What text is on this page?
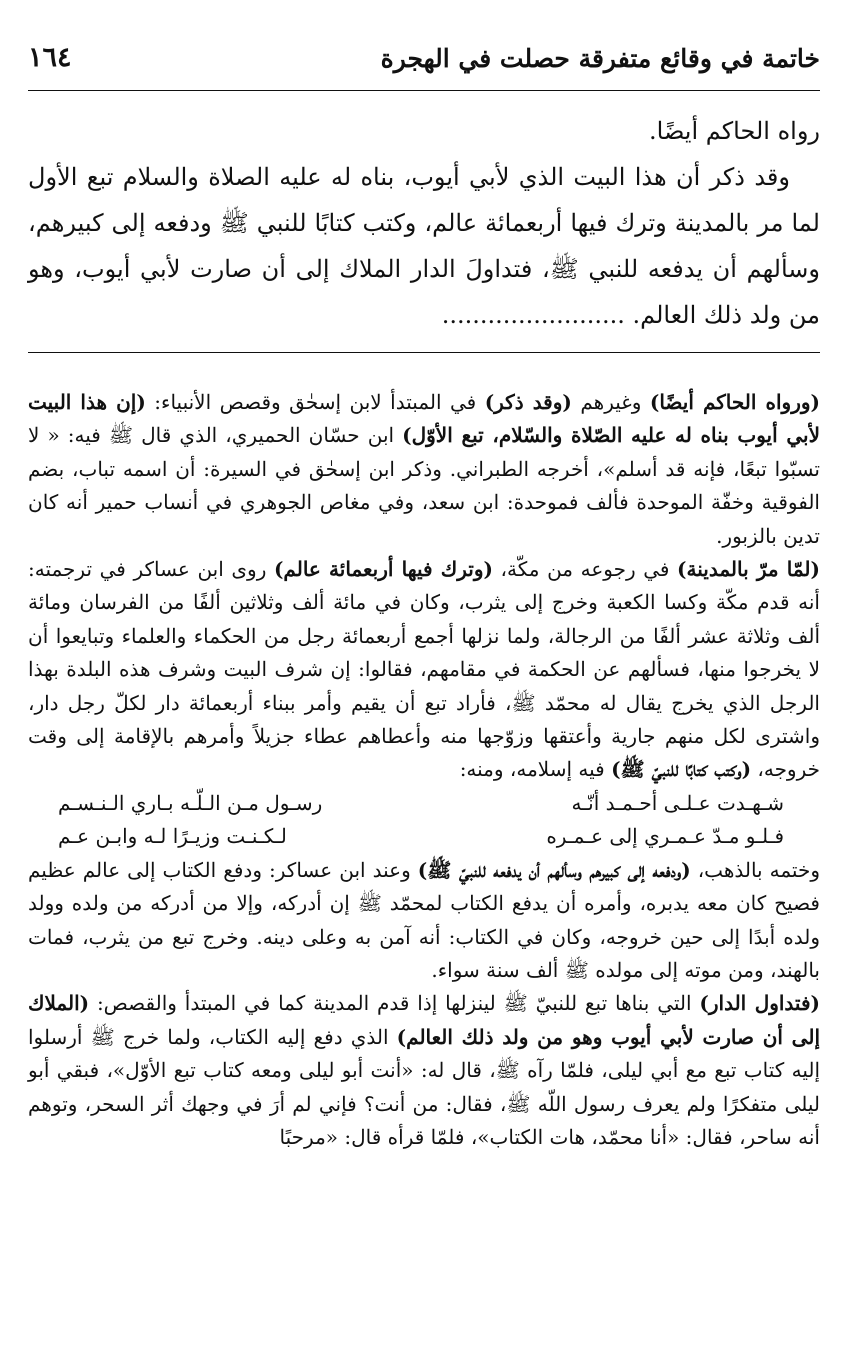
خاتمة في وقائع متفرقة حصلت في الهجرة
١٦٤

رواه الحاكم أيضًا.

وقد ذكر أن هذا البيت الذي لأبي أيوب، بناه له عليه الصلاة والسلام تبع الأول لما مر بالمدينة وترك فيها أربعمائة عالم، وكتب كتابًا للنبي ﷺ ودفعه إلى كبيرهم، وسألهم أن يدفعه للنبي ﷺ، فتداولَ الدار الملاك إلى أن صارت لأبي أيوب، وهو من ولد ذلك العالم. ........................

(ورواه الحاكم أيضًا) وغيرهم (وقد ذكر) في المبتدأ لابن إسحٰق وقصص الأنبياء: (إن هذا البيت لأبي أيوب بناه له عليه الصّلاة والسّلام، تبع الأوّل) ابن حسّان الحميري، الذي قال ﷺ فيه: « لا تسبّوا تبعًا، فإنه قد أسلم»، أخرجه الطبراني. وذكر ابن إسحٰق في السيرة: أن اسمه تباب، بضم الفوقية وخفّة الموحدة فألف فموحدة: ابن سعد، وفي مغاص الجوهري في أنساب حمير أنه كان تدين بالزبور.

(لمّا مرّ بالمدينة) في رجوعه من مكّة، (وترك فيها أربعمائة عالم) روى ابن عساكر في ترجمته: أنه قدم مكّة وكسا الكعبة وخرج إلى يثرب، وكان في مائة ألف وثلاثين ألفًا من الفرسان ومائة ألف وثلاثة عشر ألفًا من الرجالة، ولما نزلها أجمع أربعمائة رجل من الحكماء والعلماء وتبايعوا أن لا يخرجوا منها، فسألهم عن الحكمة في مقامهم، فقالوا: إن شرف البيت وشرف هذه البلدة بهذا الرجل الذي يخرج يقال له محمّد ﷺ، فأراد تبع أن يقيم وأمر ببناء أربعمائة دار لكلّ رجل دار، واشترى لكل منهم جارية وأعتقها وزوّجها منه وأعطاهم عطاء جزيلاً وأمرهم بالإقامة إلى وقت خروجه، (وكتب كتابًا للنبيّ ﷺ) فيه إسلامه، ومنه:

شـهـدت عـلـى أحـمـد أنّـه
رسـول مـن الـلّـه بـاري الـنـسـم
فـلـو مـدّ عـمـري إلى عـمـره
لـكـنـت وزيـرًا لـه وابـن عـم

وختمه بالذهب، (ودفعه إلى كبيرهم وسألهم أن يدفعه للنبيّ ﷺ) وعند ابن عساكر: ودفع الكتاب إلى عالم عظيم فصيح كان معه يدبره، وأمره أن يدفع الكتاب لمحمّد ﷺ إن أدركه، وإلا من أدركه من ولده وولد ولده أبدًا إلى حين خروجه، وكان في الكتاب: أنه آمن به وعلى دينه. وخرج تبع من يثرب، فمات بالهند، ومن موته إلى مولده ﷺ ألف سنة سواء.

(فتداول الدار) التي بناها تبع للنبيّ ﷺ لينزلها إذا قدم المدينة كما في المبتدأ والقصص: (الملاك إلى أن صارت لأبي أيوب وهو من ولد ذلك العالم) الذي دفع إليه الكتاب، ولما خرج ﷺ أرسلوا إليه كتاب تبع مع أبي ليلى، فلمّا رآه ﷺ، قال له: «أنت أبو ليلى ومعه كتاب تبع الأوّل»، فبقي أبو ليلى متفكرًا ولم يعرف رسول اللّه ﷺ، فقال: من أنت؟ فإني لم أرَ في وجهك أثر السحر، وتوهم أنه ساحر، فقال: «أنا محمّد، هات الكتاب»، فلمّا قرأه قال: «مرحبًا
